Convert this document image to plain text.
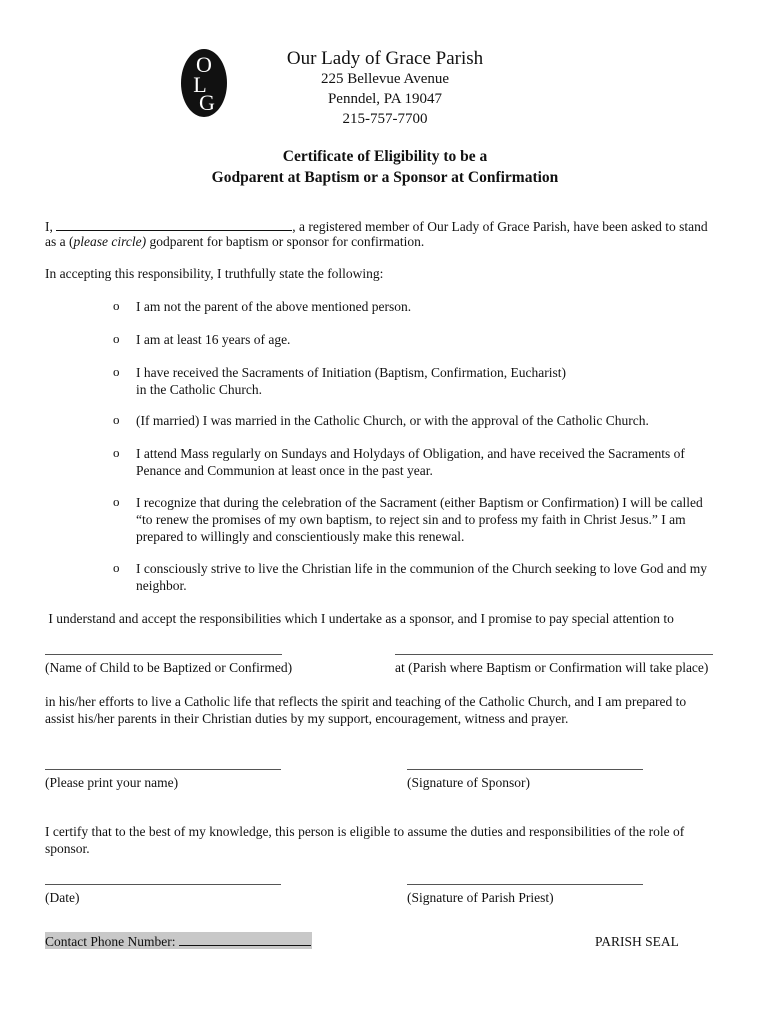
O
L
G
Our Lady of Grace Parish
225 Bellevue Avenue
Penndel, PA 19047
215-757-7700
Certificate of Eligibility to be a
Godparent at Baptism or a Sponsor at Confirmation
I,	, a registered member of Our Lady of Grace Parish, have been asked to stand
as a (please circle) godparent for baptism or sponsor for confirmation.
In accepting this responsibility, I truthfully state the following:
o I am not the parent of the above mentioned person.
o I am at least 16 years of age.
o I have received the Sacraments of Initiation (Baptism, Confirmation, Eucharist)
in the Catholic Church.
o (If married) I was married in the Catholic Church, or with the approval of the Catholic Church.
o I attend Mass regularly on Sundays and Holydays of Obligation, and have received the Sacraments of
Penance and Communion at least once in the past year.
o I recognize that during the celebration of the Sacrament (either Baptism or Confirmation) I will be called
“to renew the promises of my own baptism, to reject sin and to profess my faith in Christ Jesus.” I am
prepared to willingly and conscientiously make this renewal.
o I consciously strive to live the Christian life in the communion of the Church seeking to love God and my
neighbor.
I understand and accept the responsibilities which I undertake as a sponsor, and I promise to pay special attention to
(Name of Child to be Baptized or Confirmed)	at (Parish where Baptism or Confirmation will take place)
in his/her efforts to live a Catholic life that reflects the spirit and teaching of the Catholic Church, and I am prepared to
assist his/her parents in their Christian duties by my support, encouragement, witness and prayer.
(Please print your name)	(Signature of Sponsor)
I certify that to the best of my knowledge, this person is eligible to assume the duties and responsibilities of the role of
sponsor.
(Date)	(Signature of Parish Priest)
Contact Phone Number:	PARISH SEAL
